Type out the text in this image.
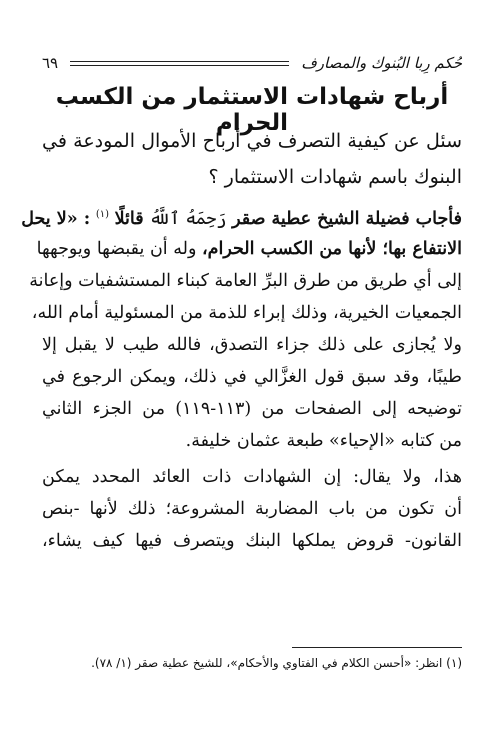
حُكم رِبا البُنوك والمصارف
٦٩
أرباح شهادات الاستثمار من الكسب الحرام
سئل عن كيفية التصرف في أرباح الأموال المودعة في
البنوك باسم شهادات الاستثمار ؟
فأجاب فضيلة الشيخ عطية صقر رَحِمَهُ ٱللَّهُ قائلًا $^{(١)}$ : «لا يحل
الانتفاع بها؛ لأنها من الكسب الحرام، وله أن يقبضها ويوجهها
إلى أي طريق من طرق البرِّ العامة كبناء المستشفيات وإعانة
الجمعيات الخيرية، وذلك إبراء للذمة من المسئولية أمام الله،
ولا يُجازى على ذلك جزاء التصدق، فالله طيب لا يقبل إلا
طيبًا، وقد سبق قول الغزَّالي في ذلك، ويمكن الرجوع في
توضيحه إلى الصفحات من (١١٣-١١٩) من الجزء الثاني
من كتابه «الإحياء» طبعة عثمان خليفة.
هذا، ولا يقال: إن الشهادات ذات العائد المحدد يمكن
أن تكون من باب المضاربة المشروعة؛ ذلك لأنها -بنص
القانون- قروض يملكها البنك ويتصرف فيها كيف يشاء،
(١) انظر: «أحسن الكلام في الفتاوي والأحكام»، للشيخ عطية صقر (١/ ٧٨).
